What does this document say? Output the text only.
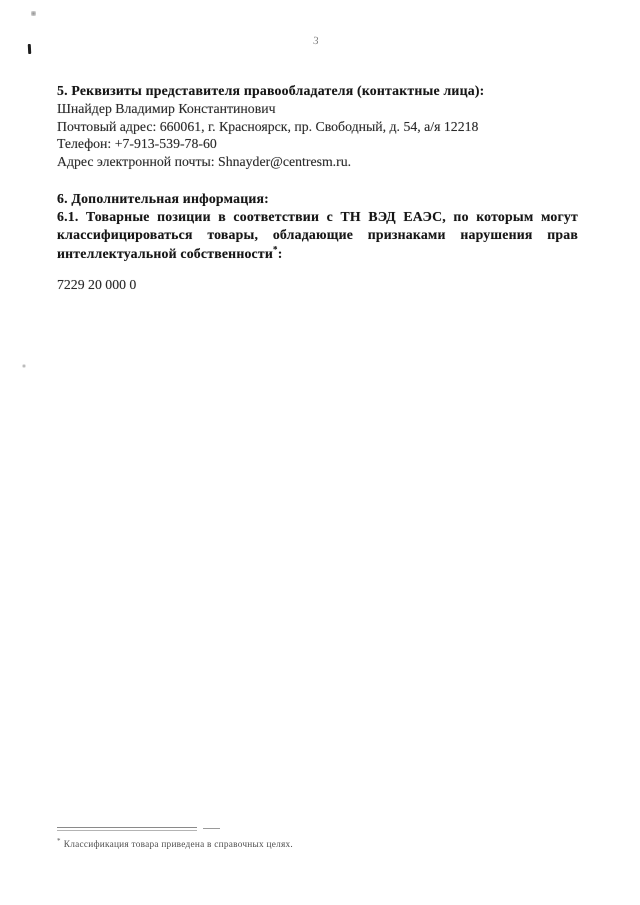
3
5. Реквизиты представителя правообладателя (контактные лица):
Шнайдер Владимир Константинович
Почтовый адрес: 660061, г. Красноярск, пр. Свободный, д. 54, а/я 12218
Телефон: +7-913-539-78-60
Адрес электронной почты: Shnayder@centresm.ru.
6. Дополнительная информация:
6.1. Товарные позиции в соответствии с ТН ВЭД ЕАЭС, по которым могут
классифицироваться товары, обладающие признаками нарушения прав
интеллектуальной собственности*:
7229 20 000 0
* Классификация товара приведена в справочных целях.
